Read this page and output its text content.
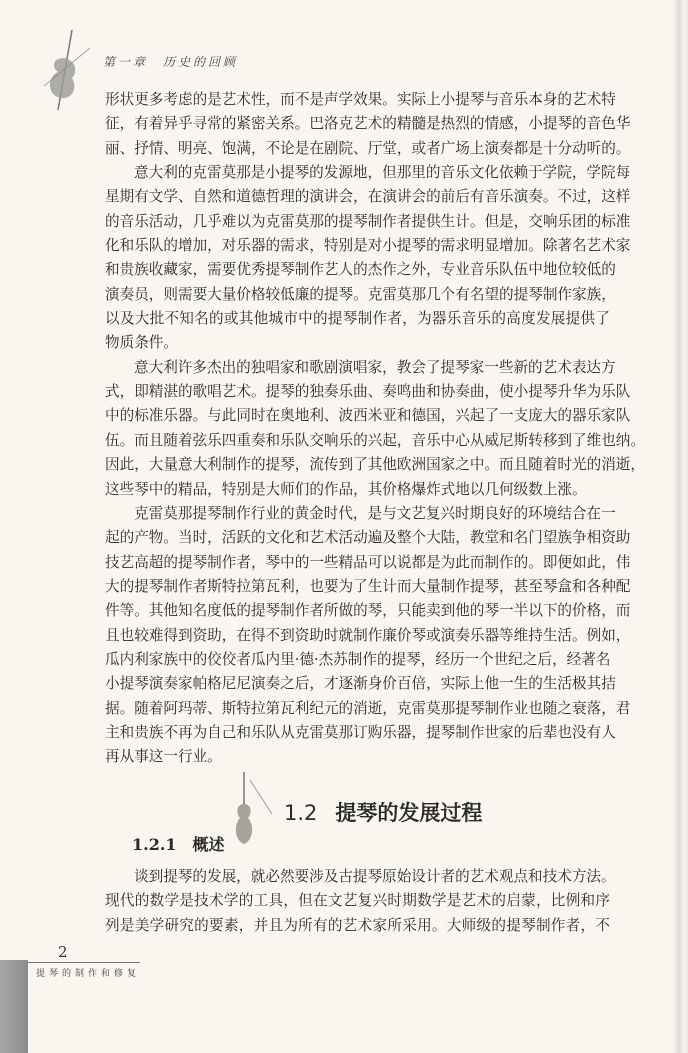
第一章　历史的回顾
形状更多考虑的是艺术性，而不是声学效果。实际上小提琴与音乐本身的艺术特
征，有着异乎寻常的紧密关系。巴洛克艺术的精髓是热烈的情感，小提琴的音色华
丽、抒情、明亮、饱满，不论是在剧院、厅堂，或者广场上演奏都是十分动听的。
意大利的克雷莫那是小提琴的发源地，但那里的音乐文化依赖于学院，学院每
星期有文学、自然和道德哲理的演讲会，在演讲会的前后有音乐演奏。不过，这样
的音乐活动，几乎难以为克雷莫那的提琴制作者提供生计。但是，交响乐团的标准
化和乐队的增加，对乐器的需求，特别是对小提琴的需求明显增加。除著名艺术家
和贵族收藏家，需要优秀提琴制作艺人的杰作之外，专业音乐队伍中地位较低的
演奏员，则需要大量价格较低廉的提琴。克雷莫那几个有名望的提琴制作家族，
以及大批不知名的或其他城市中的提琴制作者，为器乐音乐的高度发展提供了
物质条件。
意大利许多杰出的独唱家和歌剧演唱家，教会了提琴家一些新的艺术表达方
式，即精湛的歌唱艺术。提琴的独奏乐曲、奏鸣曲和协奏曲，使小提琴升华为乐队
中的标准乐器。与此同时在奥地利、波西米亚和德国，兴起了一支庞大的器乐家队
伍。而且随着弦乐四重奏和乐队交响乐的兴起，音乐中心从威尼斯转移到了维也纳。
因此，大量意大利制作的提琴，流传到了其他欧洲国家之中。而且随着时光的消逝，
这些琴中的精品，特别是大师们的作品，其价格爆炸式地以几何级数上涨。
克雷莫那提琴制作行业的黄金时代，是与文艺复兴时期良好的环境结合在一
起的产物。当时，活跃的文化和艺术活动遍及整个大陆，教堂和名门望族争相资助
技艺高超的提琴制作者，琴中的一些精品可以说都是为此而制作的。即便如此，伟
大的提琴制作者斯特拉第瓦利，也要为了生计而大量制作提琴，甚至琴盒和各种配
件等。其他知名度低的提琴制作者所做的琴，只能卖到他的琴一半以下的价格，而
且也较难得到资助，在得不到资助时就制作廉价琴或演奏乐器等维持生活。例如，
瓜内利家族中的佼佼者瓜内里·德·杰苏制作的提琴，经历一个世纪之后，经著名
小提琴演奏家帕格尼尼演奏之后，才逐渐身价百倍，实际上他一生的生活极其拮
据。随着阿玛蒂、斯特拉第瓦利纪元的消逝，克雷莫那提琴制作业也随之衰落，君
主和贵族不再为自己和乐队从克雷莫那订购乐器，提琴制作世家的后辈也没有人
再从事这一行业。
1.2 提琴的发展过程
1.2.1 概述
谈到提琴的发展，就必然要涉及古提琴原始设计者的艺术观点和技术方法。
现代的数学是技术学的工具，但在文艺复兴时期数学是艺术的启蒙，比例和序
列是美学研究的要素，并且为所有的艺术家所采用。大师级的提琴制作者，不
2
提琴的制作和修复
